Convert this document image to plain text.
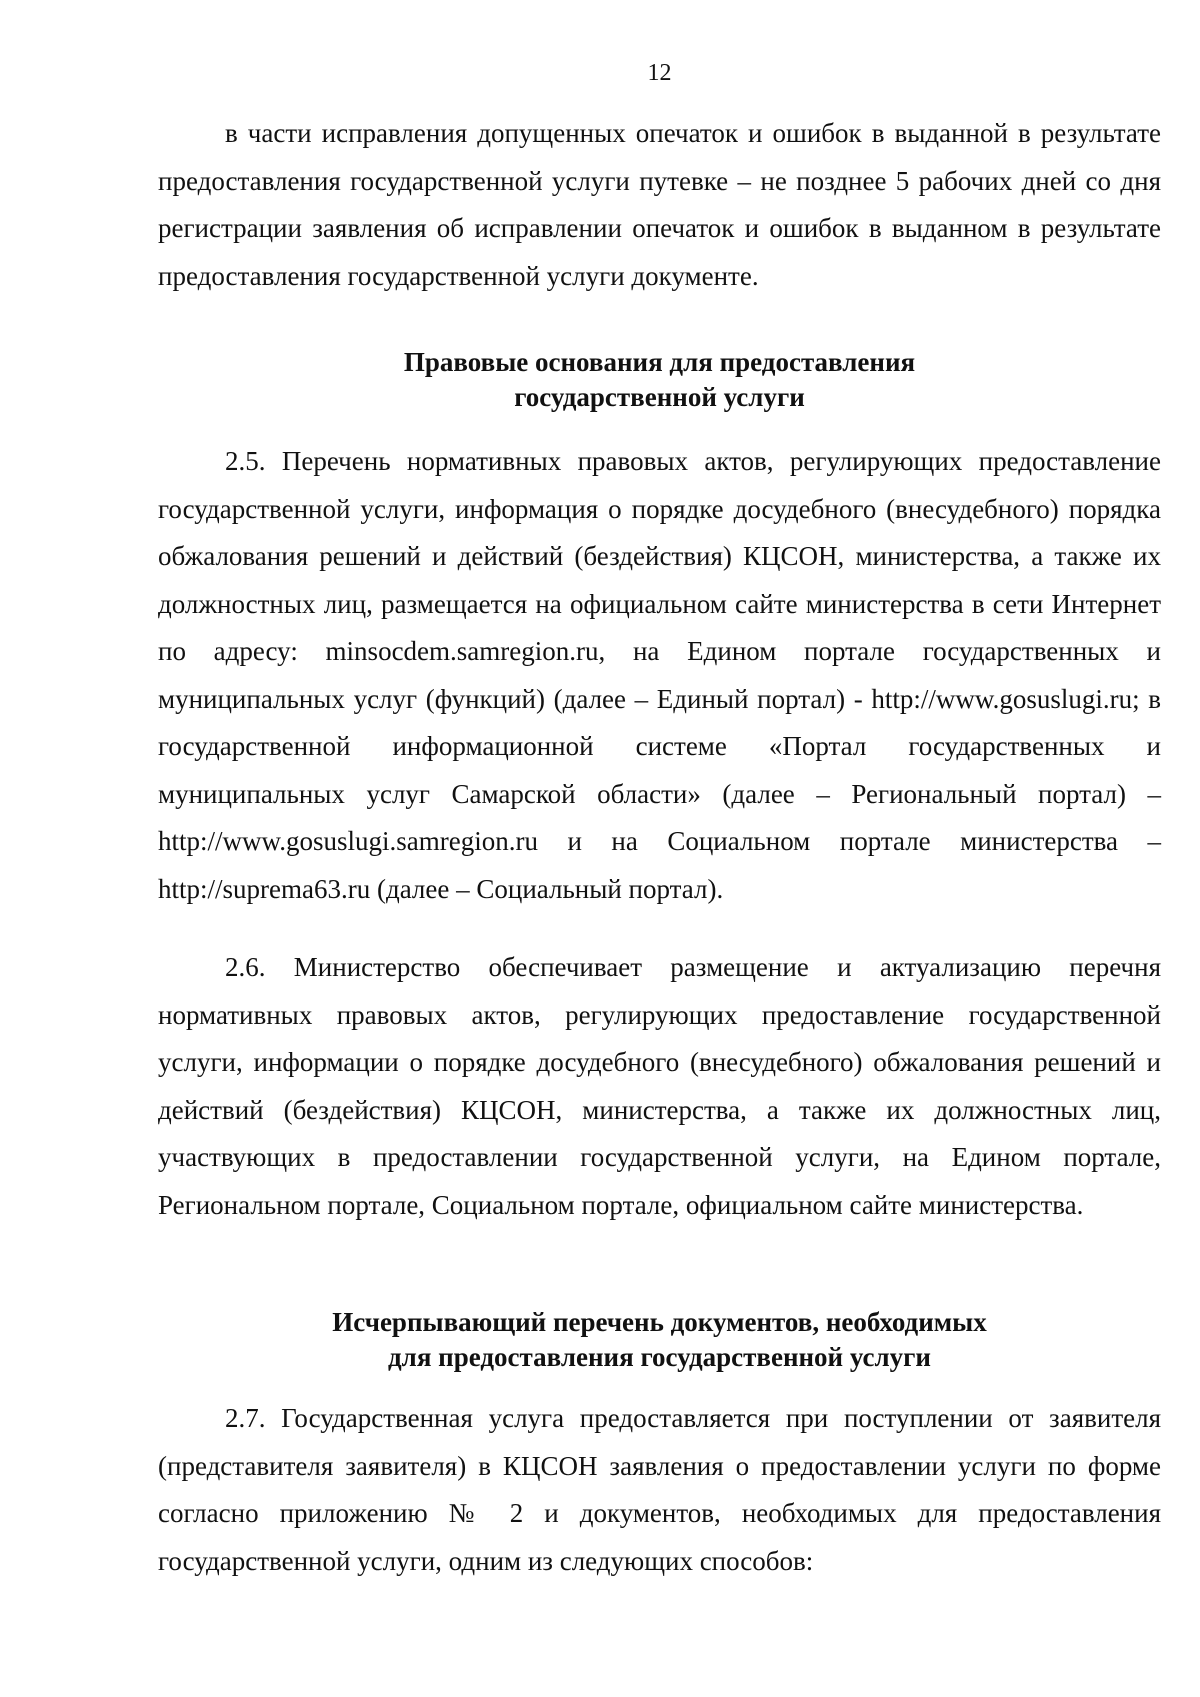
12

в части исправления допущенных опечаток и ошибок в выданной в результате предоставления государственной услуги путевке – не позднее 5 рабочих дней со дня регистрации заявления об исправлении опечаток и ошибок в выданном в результате предоставления государственной услуги документе.

Правовые основания для предоставления
государственной услуги

2.5. Перечень нормативных правовых актов, регулирующих предоставление государственной услуги, информация о порядке досудебного (внесудебного) порядка обжалования решений и действий (бездействия) КЦСОН, министерства, а также их должностных лиц, размещается на официальном сайте министерства в сети Интернет по адресу: minsocdem.samregion.ru, на Едином портале государственных и муниципальных услуг (функций) (далее – Единый портал) - http://www.gosuslugi.ru; в государственной информационной системе «Портал государственных и муниципальных услуг Самарской области» (далее – Региональный портал) – http://www.gosuslugi.samregion.ru и на Социальном портале министерства – http://suprema63.ru (далее – Социальный портал).

2.6. Министерство обеспечивает размещение и актуализацию перечня нормативных правовых актов, регулирующих предоставление государственной услуги, информации о порядке досудебного (внесудебного) обжалования решений и действий (бездействия) КЦСОН, министерства, а также их должностных лиц, участвующих в предоставлении государственной услуги, на Едином портале, Региональном портале, Социальном портале, официальном сайте министерства.

Исчерпывающий перечень документов, необходимых
для предоставления государственной услуги

2.7. Государственная услуга предоставляется при поступлении от заявителя (представителя заявителя) в КЦСОН заявления о предоставлении услуги по форме согласно приложению № 2 и документов, необходимых для предоставления государственной услуги, одним из следующих способов:
